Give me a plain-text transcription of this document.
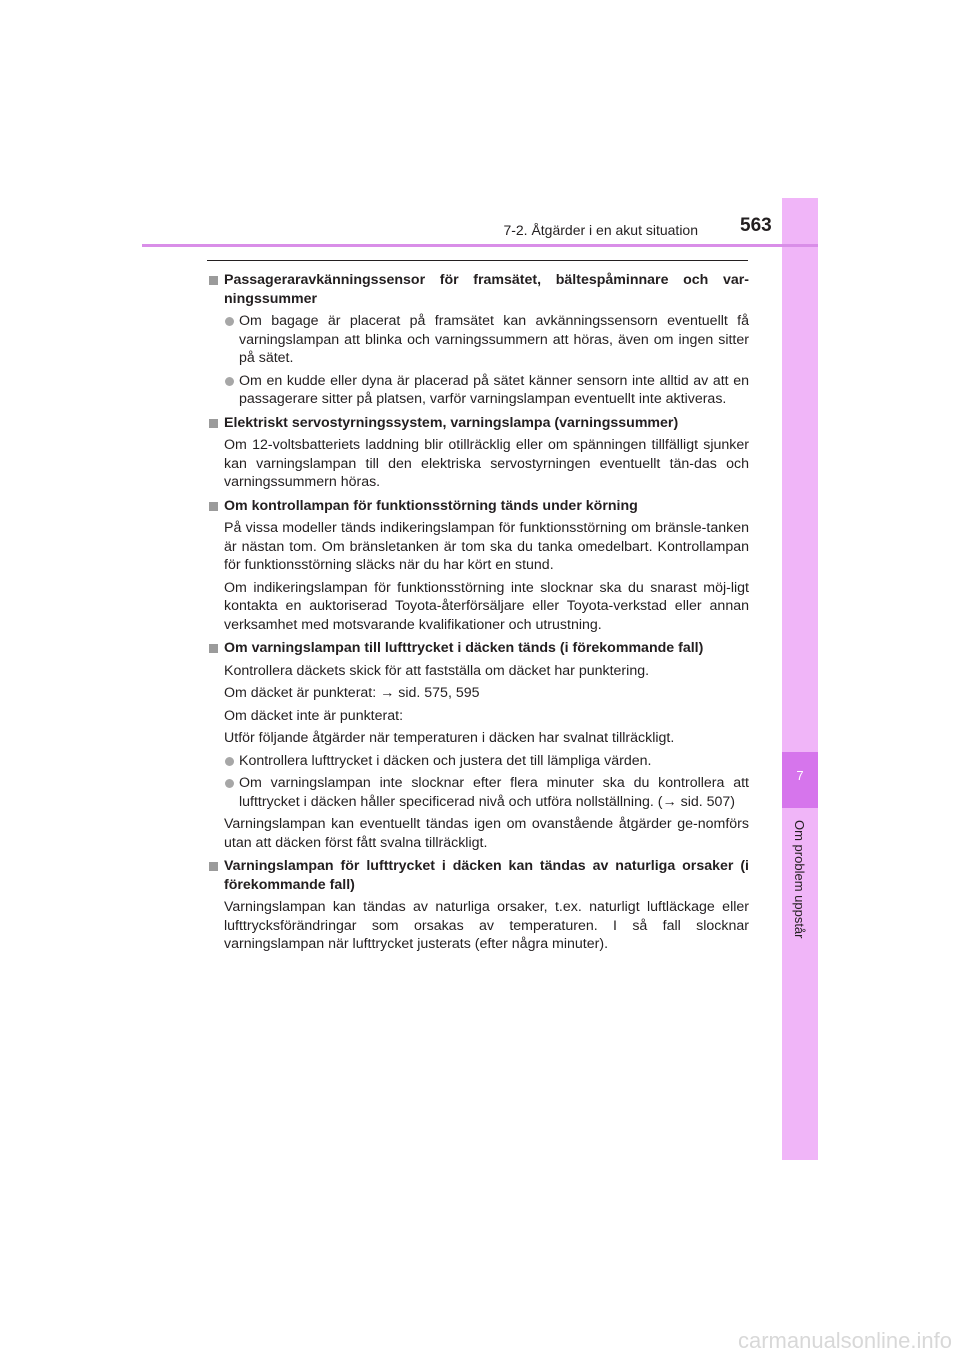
7
Om problem uppstår
7-2. Åtgärder i en akut situation 563
Passageraravkänningssensor för framsätet, bältespåminnare och var-ningssummer
Om bagage är placerat på framsätet kan avkänningssensorn eventuellt få varningslampan att blinka och varningssummern att höras, även om ingen sitter på sätet.
Om en kudde eller dyna är placerad på sätet känner sensorn inte alltid av att en passagerare sitter på platsen, varför varningslampan eventuellt inte aktiveras.
Elektriskt servostyrningssystem, varningslampa (varningssummer)
Om 12-voltsbatteriets laddning blir otillräcklig eller om spänningen tillfälligt sjunker kan varningslampan till den elektriska servostyrningen eventuellt tän-das och varningssummern höras.
Om kontrollampan för funktionsstörning tänds under körning
På vissa modeller tänds indikeringslampan för funktionsstörning om bränsle-tanken är nästan tom. Om bränsletanken är tom ska du tanka omedelbart. Kontrollampan för funktionsstörning släcks när du har kört en stund.
Om indikeringslampan för funktionsstörning inte slocknar ska du snarast möj-ligt kontakta en auktoriserad Toyota-återförsäljare eller Toyota-verkstad eller annan verksamhet med motsvarande kvalifikationer och utrustning.
Om varningslampan till lufttrycket i däcken tänds (i förekommande fall)
Kontrollera däckets skick för att fastställa om däcket har punktering.
Om däcket är punkterat: → sid. 575, 595
Om däcket inte är punkterat:
Utför följande åtgärder när temperaturen i däcken har svalnat tillräckligt.
Kontrollera lufttrycket i däcken och justera det till lämpliga värden.
Om varningslampan inte slocknar efter flera minuter ska du kontrollera att lufttrycket i däcken håller specificerad nivå och utföra nollställning. (→ sid. 507)
Varningslampan kan eventuellt tändas igen om ovanstående åtgärder ge-nomförs utan att däcken först fått svalna tillräckligt.
Varningslampan för lufttrycket i däcken kan tändas av naturliga orsaker (i förekommande fall)
Varningslampan kan tändas av naturliga orsaker, t.ex. naturligt luftläckage eller lufttrycksförändringar som orsakas av temperaturen. I så fall slocknar varningslampan när lufttrycket justerats (efter några minuter).
carmanualsonline.info
